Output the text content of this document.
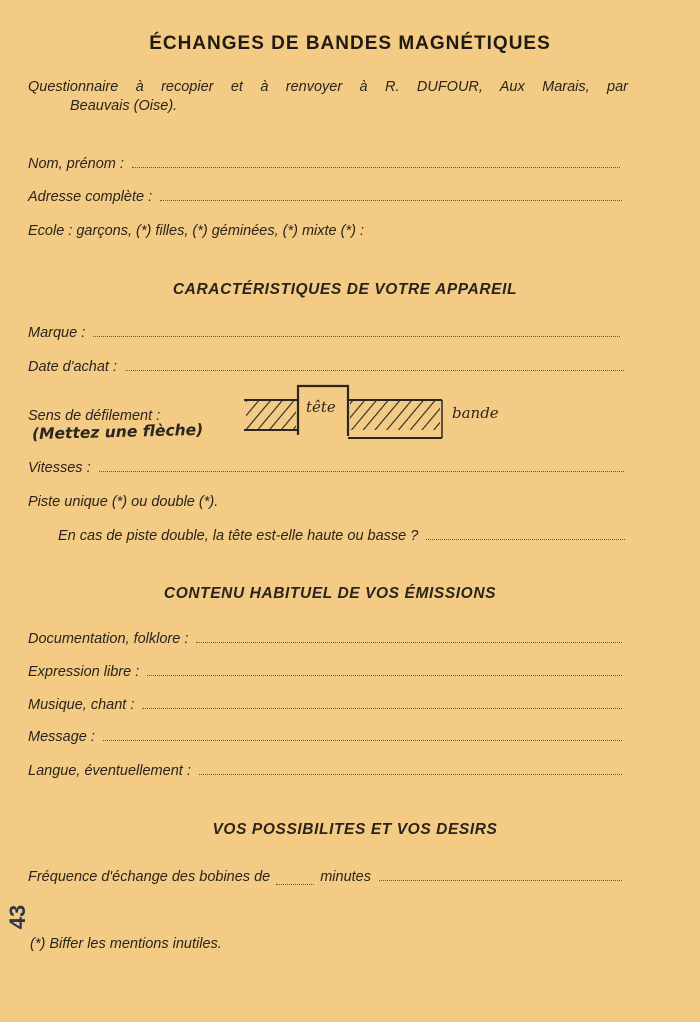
ÉCHANGES DE BANDES MAGNÉTIQUES
Questionnaire à recopier et à renvoyer à R. DUFOUR, Aux Marais, par
Beauvais (Oise).
Nom, prénom :
Adresse complète :
Ecole : garçons, (*) filles, (*) géminées, (*) mixte (*) :
CARACTÉRISTIQUES DE VOTRE APPAREIL
Marque :
Date d'achat :
Sens de défilement :
(Mettez une flèche)
tête	bande
Vitesses :
Piste unique (*) ou double (*).
En cas de piste double, la tête est-elle haute ou basse ?
CONTENU HABITUEL DE VOS ÉMISSIONS
Documentation, folklore :
Expression libre :
Musique, chant :
Message :
Langue, éventuellement :
VOS POSSIBILITES ET VOS DESIRS
Fréquence d'échange des bobines de	minutes
43
(*) Biffer les mentions inutiles.
